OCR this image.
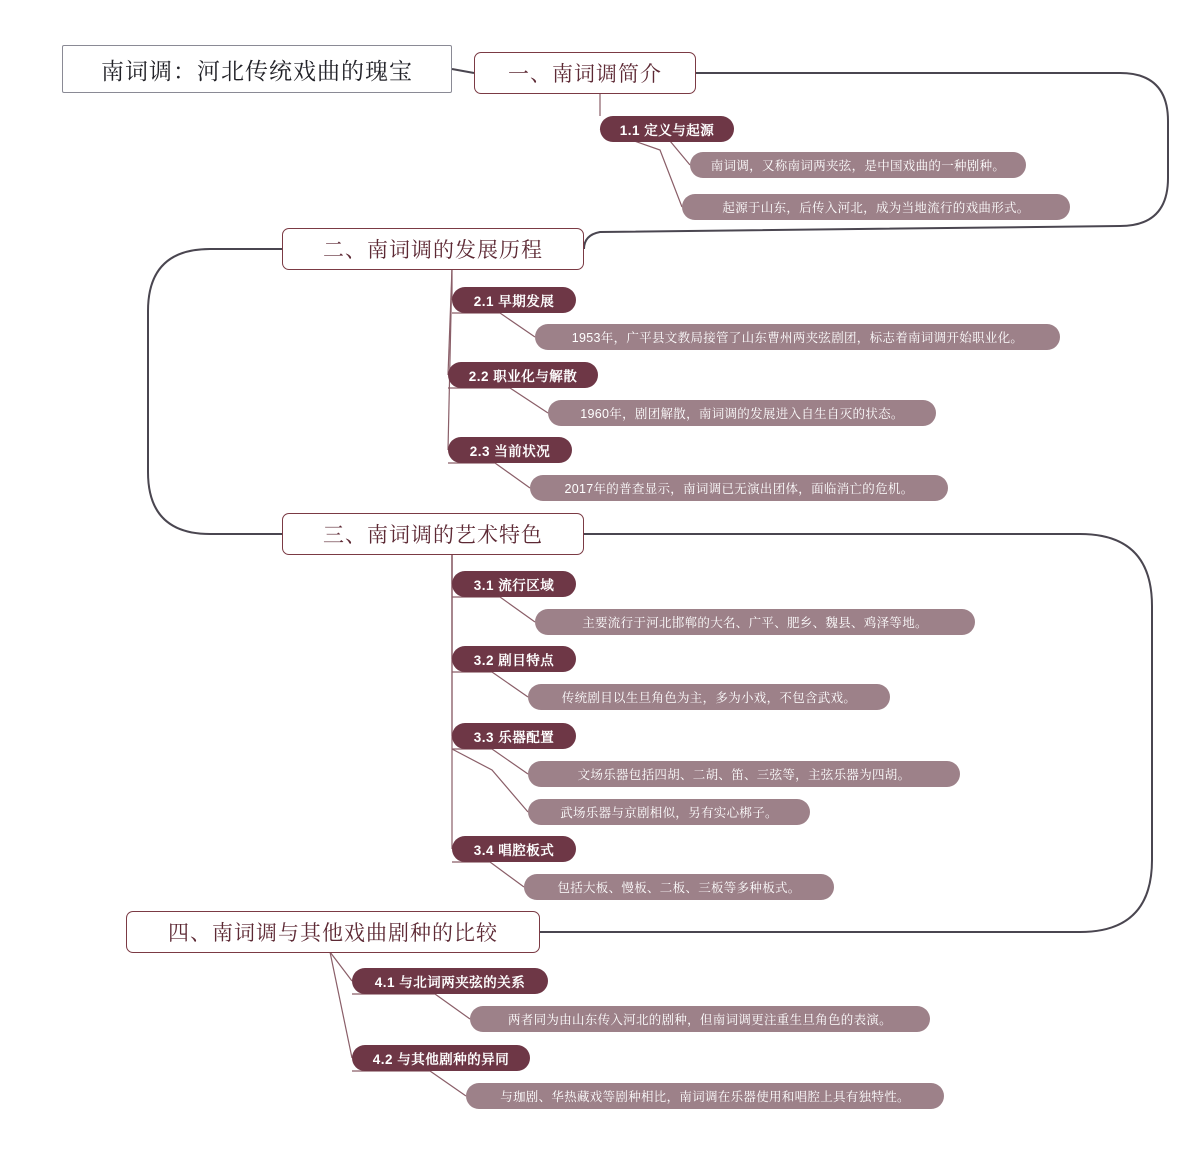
南词调：河北传统戏曲的瑰宝	一、南词调简介
1.1 定义与起源
南词调，又称南词两夹弦，是中国戏曲的一种剧种。
起源于山东，后传入河北，成为当地流行的戏曲形式。
二、南词调的发展历程
2.1 早期发展
1953年，广平县文教局接管了山东曹州两夹弦剧团，标志着南词调开始职业化。
2.2 职业化与解散
1960年，剧团解散，南词调的发展进入自生自灭的状态。
2.3 当前状况
2017年的普查显示，南词调已无演出团体，面临消亡的危机。
三、南词调的艺术特色
3.1 流行区域
主要流行于河北邯郸的大名、广平、肥乡、魏县、鸡泽等地。
3.2 剧目特点
传统剧目以生旦角色为主，多为小戏，不包含武戏。
3.3 乐器配置
文场乐器包括四胡、二胡、笛、三弦等，主弦乐器为四胡。
武场乐器与京剧相似，另有实心梆子。
3.4 唱腔板式
包括大板、慢板、二板、三板等多种板式。
四、南词调与其他戏曲剧种的比较
4.1 与北词两夹弦的关系
两者同为由山东传入河北的剧种，但南词调更注重生旦角色的表演。
4.2 与其他剧种的异同
与珈剧、华热藏戏等剧种相比，南词调在乐器使用和唱腔上具有独特性。
